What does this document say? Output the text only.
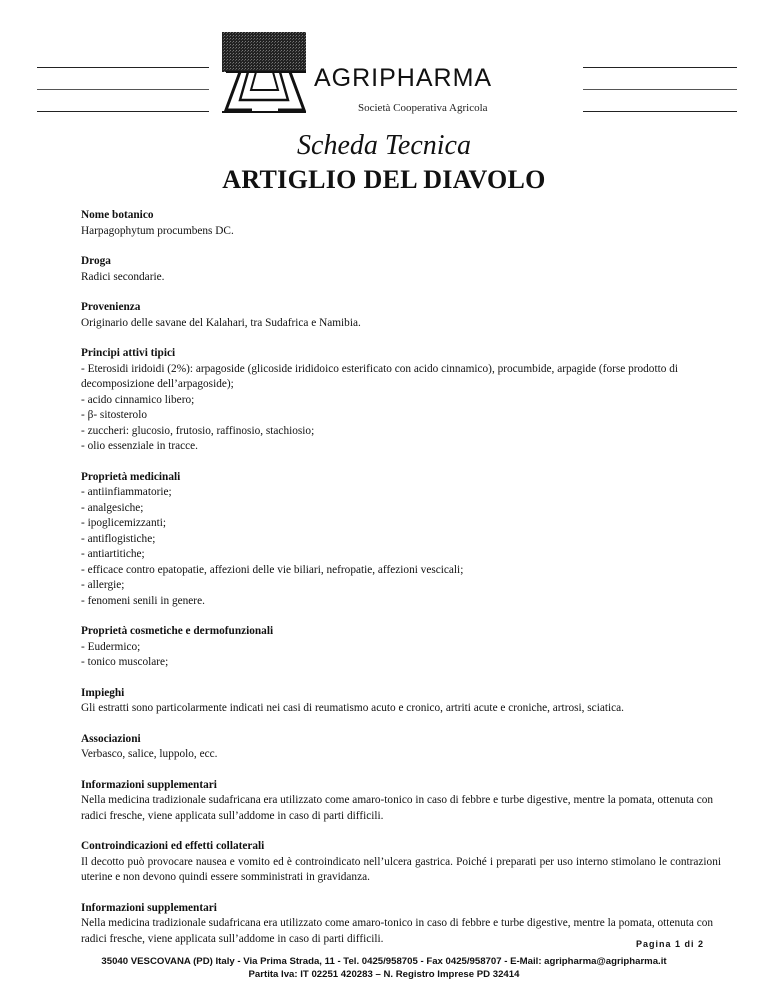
AGRIPHARMA
Società Cooperativa Agricola
Scheda Tecnica
ARTIGLIO DEL DIAVOLO
Nome botanico
Harpagophytum procumbens DC.
Droga
Radici secondarie.
Provenienza
Originario delle savane del Kalahari, tra Sudafrica e Namibia.
Principi attivi tipici
- Eterosidi iridoidi (2%): arpagoside (glicoside irididoico esterificato con acido cinnamico), procumbide, arpagide (forse prodotto di decomposizione dell’arpagoside);
- acido cinnamico libero;
- β- sitosterolo
- zuccheri: glucosio, frutosio, raffinosio, stachiosio;
- olio essenziale in tracce.
Proprietà medicinali
- antiinfiammatorie;
- analgesiche;
- ipoglicemizzanti;
- antiflogistiche;
- antiartitiche;
- efficace contro epatopatie, affezioni delle vie biliari, nefropatie, affezioni vescicali;
- allergie;
- fenomeni senili in genere.
Proprietà cosmetiche e dermofunzionali
- Eudermico;
- tonico muscolare;
Impieghi
Gli estratti sono particolarmente indicati nei casi di reumatismo acuto e cronico, artriti acute e croniche, artrosi, sciatica.
Associazioni
Verbasco, salice, luppolo, ecc.
Informazioni supplementari
Nella medicina tradizionale sudafricana era utilizzato come amaro-tonico in caso di febbre e turbe digestive, mentre la pomata, ottenuta con radici fresche, viene applicata sull’addome in caso di parti difficili.
Controindicazioni ed effetti collaterali
Il decotto può provocare nausea e vomito ed è controindicato nell’ulcera gastrica. Poiché i preparati per uso interno stimolano le contrazioni uterine e non devono quindi essere somministrati in gravidanza.
Informazioni supplementari
Nella medicina tradizionale sudafricana era utilizzato come amaro-tonico in caso di febbre e turbe digestive, mentre la pomata, ottenuta con radici fresche, viene applicata sull’addome in caso di parti difficili.	Pagina 1 di 2
35040 VESCOVANA (PD) Italy - Via Prima Strada, 11 - Tel. 0425/958705 - Fax 0425/958707 - E-Mail: agripharma@agripharma.it
Partita Iva: IT 02251 420283 – N. Registro Imprese PD 32414
